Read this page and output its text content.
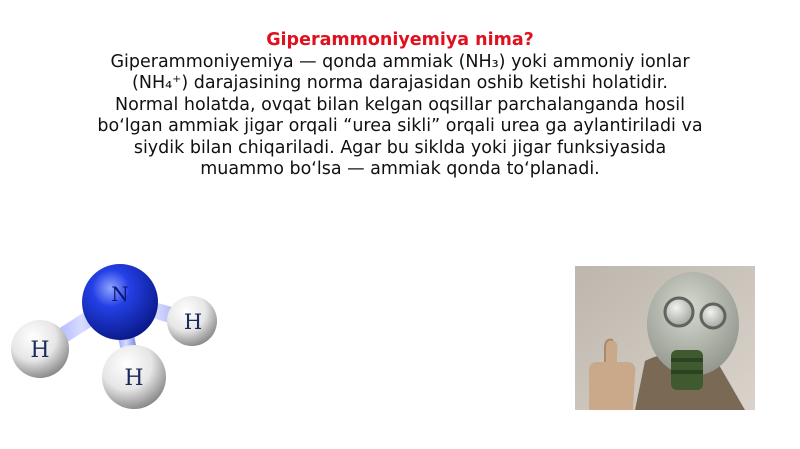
Giperammoniyemiya nima?
Giperammoniyemiya — qonda ammiak (NH₃) yoki ammoniy ionlar (NH₄⁺) darajasining norma darajasidan oshib ketishi holatidir.
Normal holatda, ovqat bilan kelgan oqsillar parchalanganda hosil boʻlgan ammiak jigar orqali “urea sikli” orqali urea ga aylantiriladi va siydik bilan chiqariladi. Agar bu siklda yoki jigar funksiyasida muammo boʻlsa — ammiak qonda toʻplanadi.
N
H
H
H
